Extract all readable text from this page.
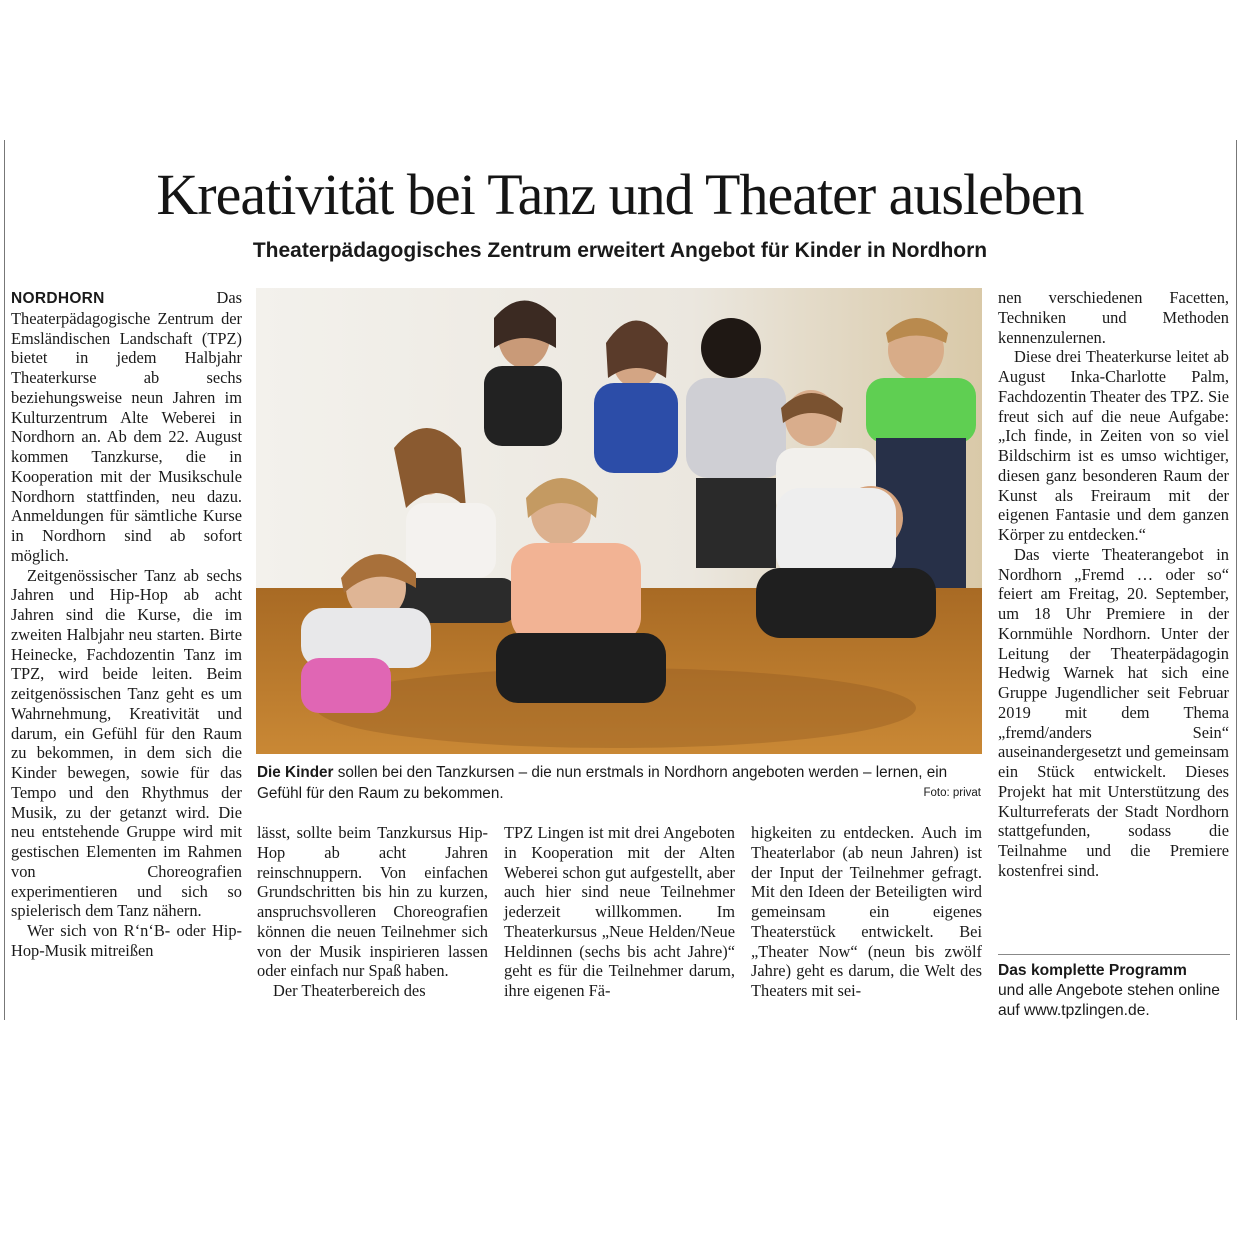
Kreativität bei Tanz und Theater ausleben
Theaterpädagogisches Zentrum erweitert Angebot für Kinder in Nordhorn

NORDHORN Das Theaterpädagogische Zentrum der Emsländischen Landschaft (TPZ) bietet in jedem Halbjahr Theaterkurse ab sechs beziehungsweise neun Jahren im Kulturzentrum Alte Weberei in Nordhorn an. Ab dem 22. August kommen Tanzkurse, die in Kooperation mit der Musikschule Nordhorn stattfinden, neu dazu. Anmeldungen für sämtliche Kurse in Nordhorn sind ab sofort möglich.

Zeitgenössischer Tanz ab sechs Jahren und Hip-Hop ab acht Jahren sind die Kurse, die im zweiten Halbjahr neu starten. Birte Heinecke, Fachdozentin Tanz im TPZ, wird beide leiten. Beim zeitgenössischen Tanz geht es um Wahrnehmung, Kreativität und darum, ein Gefühl für den Raum zu bekommen, in dem sich die Kinder bewegen, sowie für das Tempo und den Rhythmus der Musik, zu der getanzt wird. Die neu entstehende Gruppe wird mit gestischen Elementen im Rahmen von Choreografien experimentieren und sich so spielerisch dem Tanz nähern.

Wer sich von R‘n‘B- oder Hip-Hop-Musik mitreißen

Die Kinder sollen bei den Tanzkursen – die nun erstmals in Nordhorn angeboten werden – lernen, ein Gefühl für den Raum zu bekommen.	Foto: privat

lässt, sollte beim Tanzkursus Hip-Hop ab acht Jahren reinschnuppern. Von einfachen Grundschritten bis hin zu kurzen, anspruchsvolleren Choreografien können die neuen Teilnehmer sich von der Musik inspirieren lassen oder einfach nur Spaß haben.

Der Theaterbereich des

TPZ Lingen ist mit drei Angeboten in Kooperation mit der Alten Weberei schon gut aufgestellt, aber auch hier sind neue Teilnehmer jederzeit willkommen. Im Theaterkursus „Neue Helden/Neue Heldinnen (sechs bis acht Jahre)“ geht es für die Teilnehmer darum, ihre eigenen Fä-

higkeiten zu entdecken. Auch im Theaterlabor (ab neun Jahren) ist der Input der Teilnehmer gefragt. Mit den Ideen der Beteiligten wird gemeinsam ein eigenes Theaterstück entwickelt. Bei „Theater Now“ (neun bis zwölf Jahre) geht es darum, die Welt des Theaters mit sei-

nen verschiedenen Facetten, Techniken und Methoden kennenzulernen.

Diese drei Theaterkurse leitet ab August Inka-Charlotte Palm, Fachdozentin Theater des TPZ. Sie freut sich auf die neue Aufgabe: „Ich finde, in Zeiten von so viel Bildschirm ist es umso wichtiger, diesen ganz besonderen Raum der Kunst als Freiraum mit der eigenen Fantasie und dem ganzen Körper zu entdecken.“

Das vierte Theaterangebot in Nordhorn „Fremd … oder so“ feiert am Freitag, 20. September, um 18 Uhr Premiere in der Kornmühle Nordhorn. Unter der Leitung der Theaterpädagogin Hedwig Warnek hat sich eine Gruppe Jugendlicher seit Februar 2019 mit dem Thema „fremd/anders Sein“ auseinandergesetzt und gemeinsam ein Stück entwickelt. Dieses Projekt hat mit Unterstützung des Kulturreferats der Stadt Nordhorn stattgefunden, sodass die Teilnahme und die Premiere kostenfrei sind.

Das komplette Programm
und alle Angebote stehen online auf www.tpzlingen.de.
